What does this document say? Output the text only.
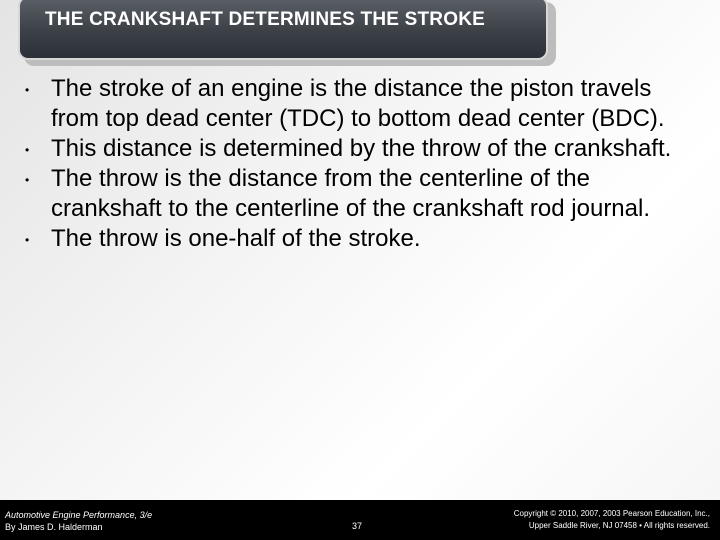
THE CRANKSHAFT DETERMINES THE STROKE
• The stroke of an engine is the distance the piston travels from top dead center (TDC) to bottom dead center (BDC).
• This distance is determined by the throw of the crankshaft.
• The throw is the distance from the centerline of the crankshaft to the centerline of the crankshaft rod journal.
• The throw is one-half of the stroke.
Automotive Engine Performance, 3/e
By James D. Halderman	37
Copyright © 2010, 2007, 2003 Pearson Education, Inc.,
Upper Saddle River, NJ 07458 • All rights reserved.
